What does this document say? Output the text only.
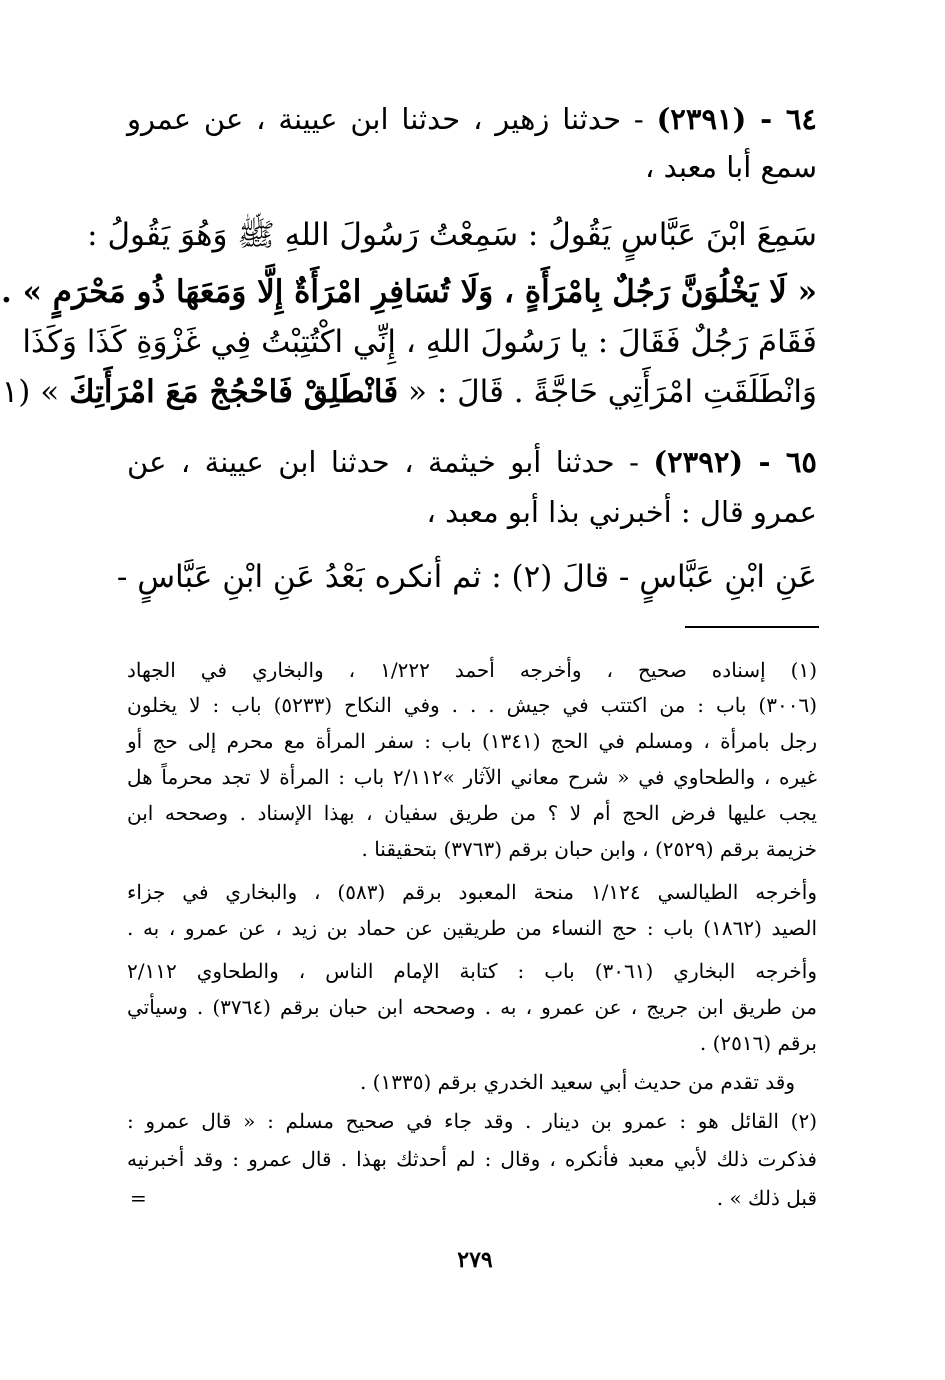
٦٤ - (٢٣٩١) - حدثنا زهير ، حدثنا ابن عيينة ، عن عمرو
سمع أبا معبد ،
سَمِعَ ابْنَ عَبَّاسٍ يَقُولُ : سَمِعْتُ رَسُولَ اللهِ ﷺ وَهُوَ يَقُولُ :
« لَا يَخْلُوَنَّ رَجُلٌ بِامْرَأَةٍ ، وَلَا تُسَافِرِ امْرَأَةٌ إِلَّا وَمَعَهَا ذُو مَحْرَمٍ » .
فَقَامَ رَجُلٌ فَقَالَ : يا رَسُولَ اللهِ ، إِنِّي اكْتُتِبْتُ فِي غَزْوَةِ كَذَا وَكَذَا
وَانْطَلَقَتِ امْرَأَتِي حَاجَّةً . قَالَ : « فَانْطَلِقْ فَاحْجُجْ مَعَ امْرَأَتِكَ » (١
٦٥ - (٢٣٩٢) - حدثنا أبو خيثمة ، حدثنا ابن عيينة ، عن
عمرو قال : أخبرني بذا أبو معبد ،
عَنِ ابْنِ عَبَّاسٍ - قالَ (٢) : ثم أنكره بَعْدُ عَنِ ابْنِ عَبَّاسٍ -
(١) إسناده صحيح ، وأخرجه أحمد ١/٢٢٢ ، والبخاري في الجهاد
(٣٠٠٦) باب : من اكتتب في جيش . . . وفي النكاح (٥٢٣٣) باب : لا يخلون
رجل بامرأة ، ومسلم في الحج (١٣٤١) باب : سفر المرأة مع محرم إلى حج أو
غيره ، والطحاوي في « شرح معاني الآثار »٢/١١٢ باب : المرأة لا تجد محرماً هل
يجب عليها فرض الحج أم لا ؟ من طريق سفيان ، بهذا الإسناد . وصححه ابن
خزيمة برقم (٢٥٢٩) ، وابن حبان برقم (٣٧٦٣) بتحقيقنا .
وأخرجه الطيالسي ١/١٢٤ منحة المعبود برقم (٥٨٣) ، والبخاري في جزاء
الصيد (١٨٦٢) باب : حج النساء من طريقين عن حماد بن زيد ، عن عمرو ، به .
وأخرجه البخاري (٣٠٦١) باب : كتابة الإمام الناس ، والطحاوي ٢/١١٢
من طريق ابن جريج ، عن عمرو ، به . وصححه ابن حبان برقم (٣٧٦٤) . وسيأتي
برقم (٢٥١٦) .
وقد تقدم من حديث أبي سعيد الخدري برقم (١٣٣٥) .
(٢) القائل هو : عمرو بن دينار . وقد جاء في صحيح مسلم : « قال عمرو :
فذكرت ذلك لأبي معبد فأنكره ، وقال : لم أحدثك بهذا . قال عمرو : وقد أخبرنيه
قبل ذلك » .
=
٢٧٩
